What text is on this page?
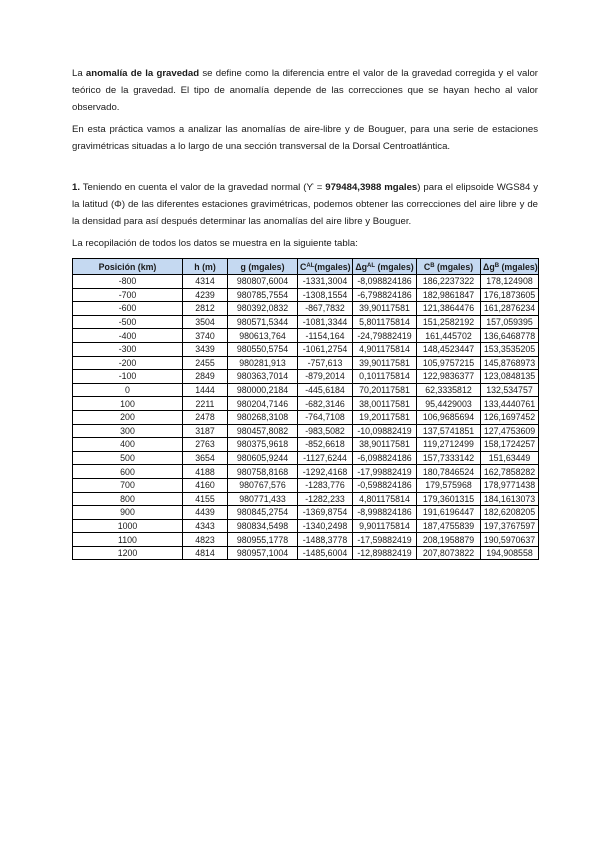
La anomalía de la gravedad se define como la diferencia entre el valor de la gravedad corregida y el valor teórico de la gravedad. El tipo de anomalía depende de las correcciones que se hayan hecho al valor observado.

En esta práctica vamos a analizar las anomalías de aire-libre y de Bouguer, para una serie de estaciones gravimétricas situadas a lo largo de una sección transversal de la Dorsal Centroatlántica.

1. Teniendo en cuenta el valor de la gravedad normal (ϒ = 979484,3988 mgales) para el elipsoide WGS84 y la latitud (Φ) de las diferentes estaciones gravimétricas, podemos obtener las correcciones del aire libre y de la densidad para así después determinar las anomalías del aire libre y Bouguer.

La recopilación de todos los datos se muestra en la siguiente tabla:

Posición (km)	h (m)	g (mgales)	$C^{AL}(mgales)$	$\Delta g^{AL}$ (mgales)	$C^B$ (mgales)	$\Delta g^B$ (mgales)
-800	4314	980807,6004	-1331,3004	-8,098824186	186,2237322	178,124908
-700	4239	980785,7554	-1308,1554	-6,798824186	182,9861847	176,1873605
-600	2812	980392,0832	-867,7832	39,90117581	121,3864476	161,2876234
-500	3504	980571,5344	-1081,3344	5,801175814	151,2582192	157,059395
-400	3740	980613,764	-1154,164	-24,79882419	161,445702	136,6468778
-300	3439	980550,5754	-1061,2754	4,901175814	148,4523447	153,3535205
-200	2455	980281,913	-757,613	39,90117581	105,9757215	145,8768973
-100	2849	980363,7014	-879,2014	0,101175814	122,9836377	123,0848135
0	1444	980000,2184	-445,6184	70,20117581	62,3335812	132,534757
100	2211	980204,7146	-682,3146	38,00117581	95,4429003	133,4440761
200	2478	980268,3108	-764,7108	19,20117581	106,9685694	126,1697452
300	3187	980457,8082	-983,5082	-10,09882419	137,5741851	127,4753609
400	2763	980375,9618	-852,6618	38,90117581	119,2712499	158,1724257
500	3654	980605,9244	-1127,6244	-6,098824186	157,7333142	151,63449
600	4188	980758,8168	-1292,4168	-17,99882419	180,7846524	162,7858282
700	4160	980767,576	-1283,776	-0,598824186	179,575968	178,9771438
800	4155	980771,433	-1282,233	4,801175814	179,3601315	184,1613073
900	4439	980845,2754	-1369,8754	-8,998824186	191,6196447	182,6208205
1000	4343	980834,5498	-1340,2498	9,901175814	187,4755839	197,3767597
1100	4823	980955,1778	-1488,3778	-17,59882419	208,1958879	190,5970637
1200	4814	980957,1004	-1485,6004	-12,89882419	207,8073822	194,908558
